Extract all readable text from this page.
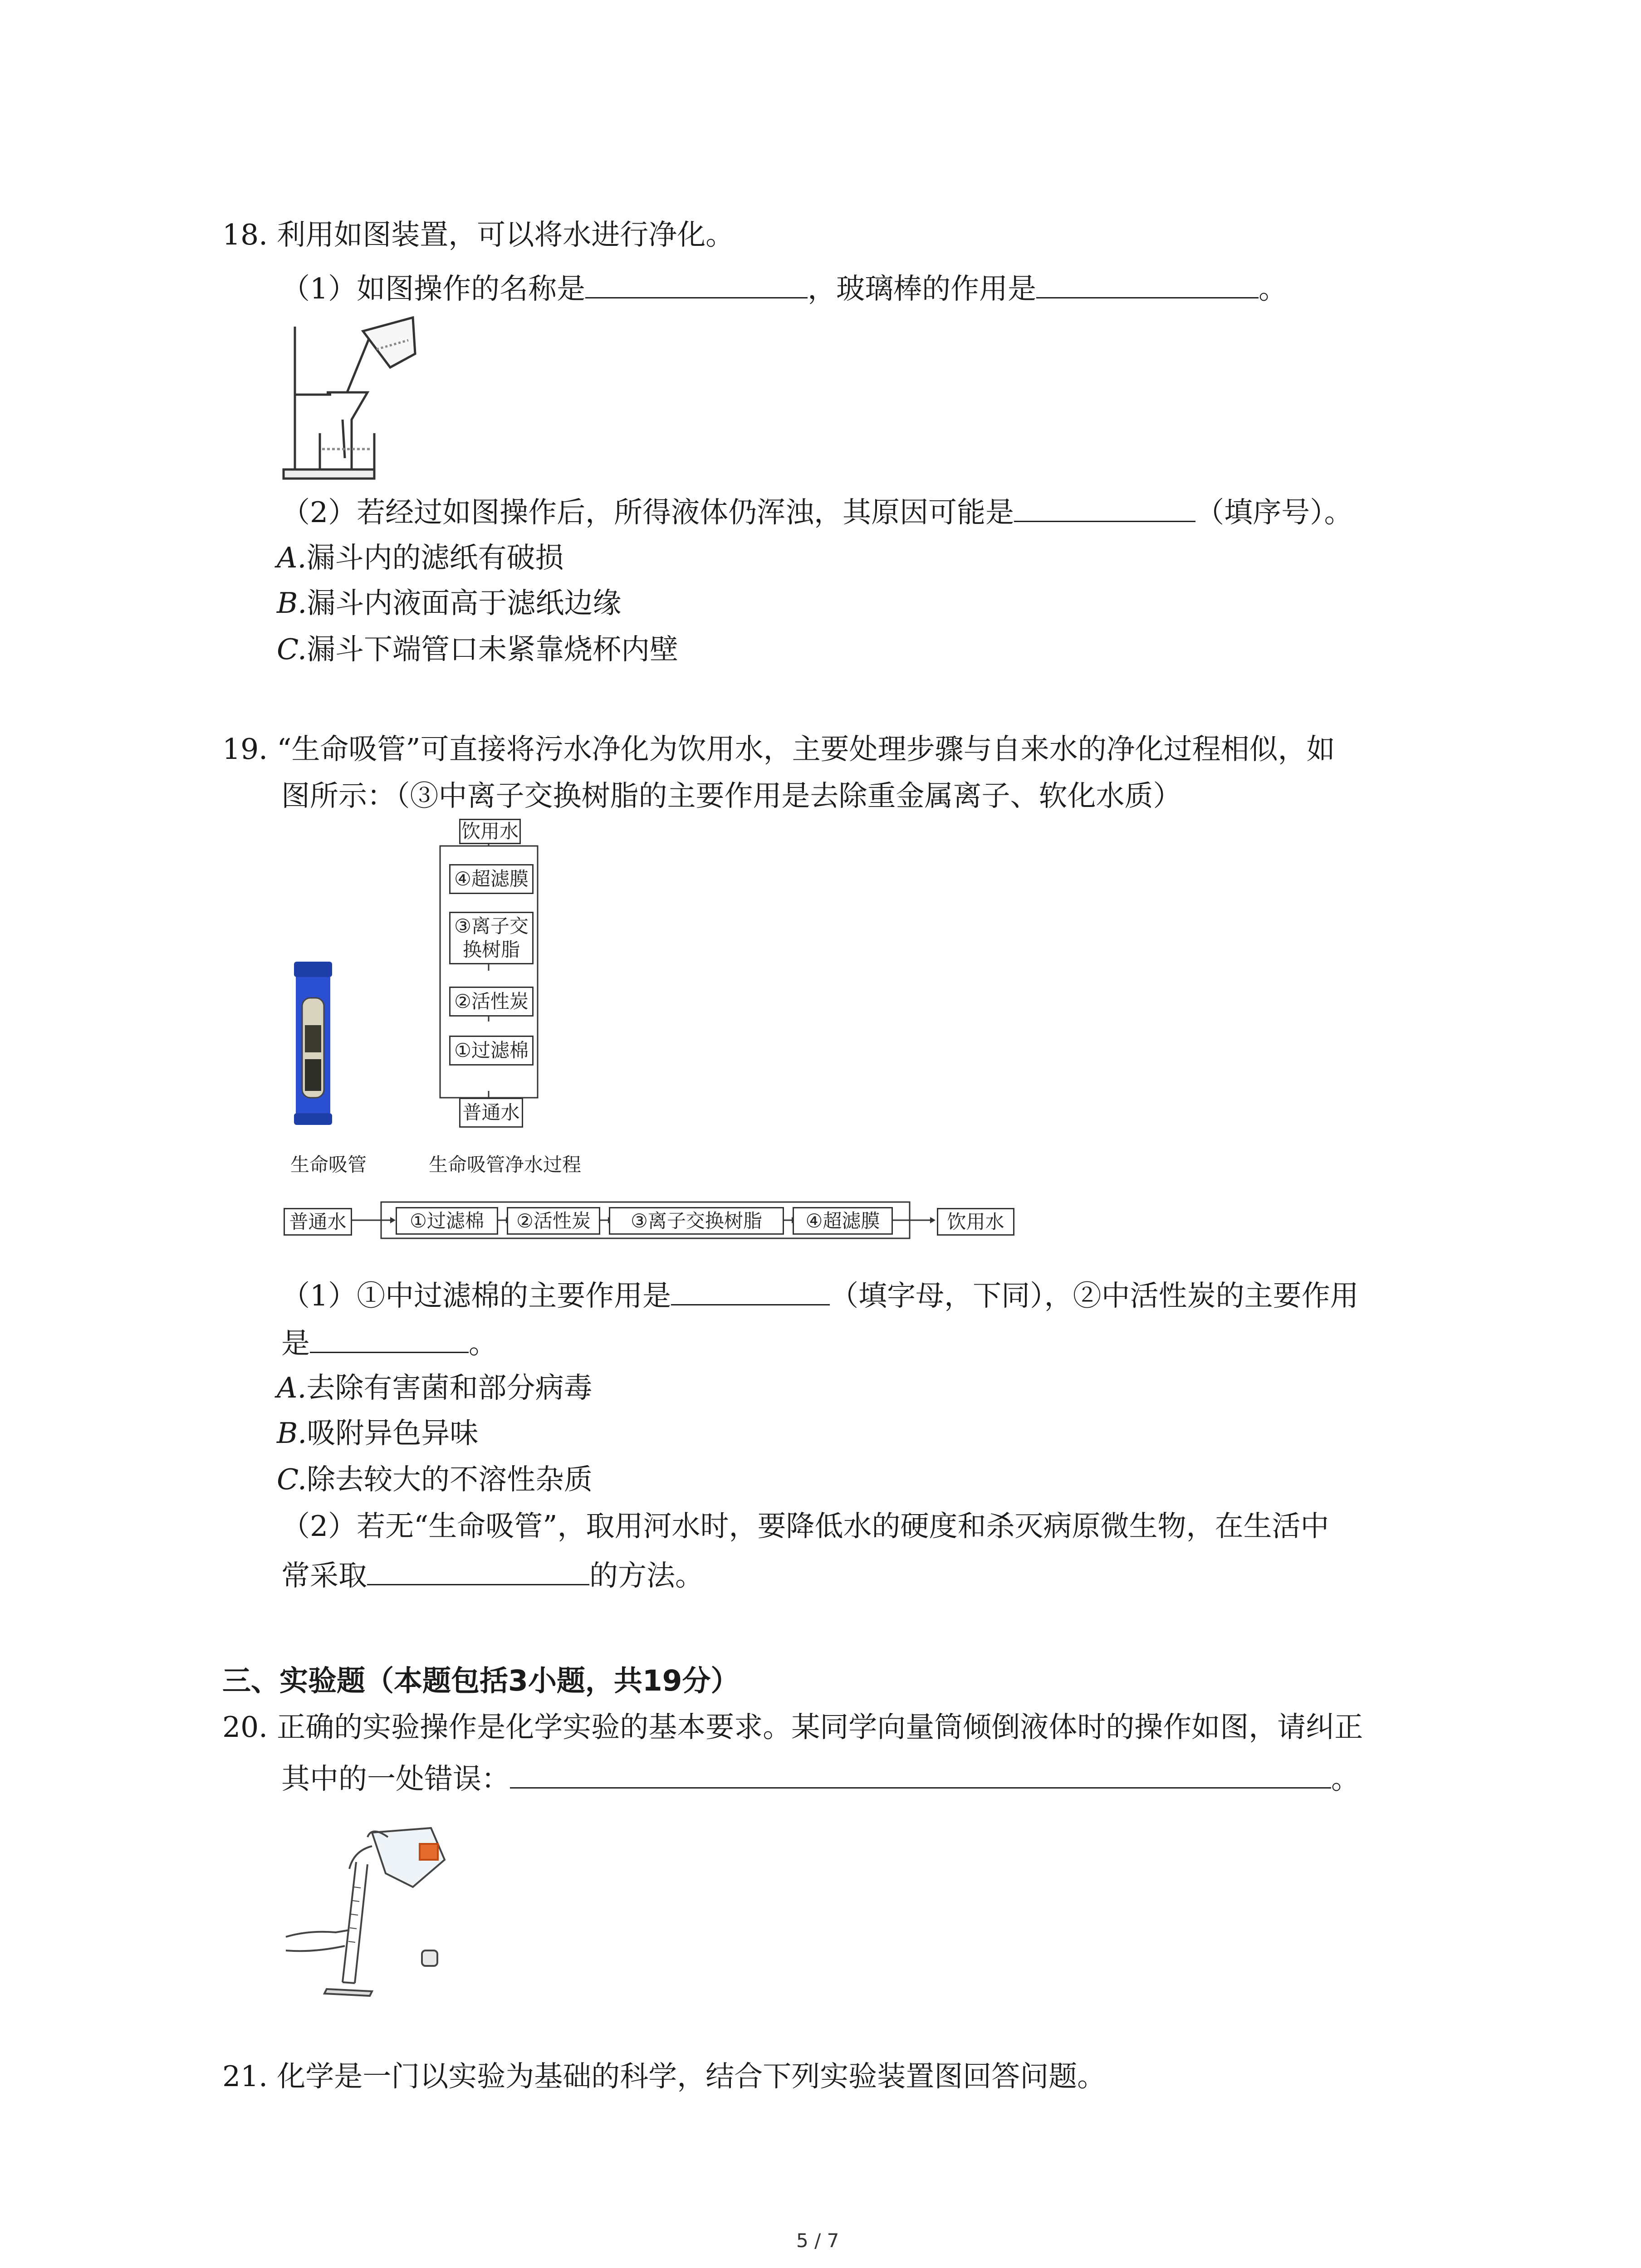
18. 利用如图装置，可以将水进行净化。
（1）如图操作的名称是	，玻璃棒的作用是	。
（2）若经过如图操作后，所得液体仍浑浊，其原因可能是	（填序号）。
A.漏斗内的滤纸有破损
B.漏斗内液面高于滤纸边缘
C.漏斗下端管口未紧靠烧杯内壁
19. “生命吸管”可直接将污水净化为饮用水，主要处理步骤与自来水的净化过程相似，如
图所示：（③中离子交换树脂的主要作用是去除重金属离子、软化水质）
生命吸管
饮用水
④超滤膜
③离子交换树脂
②活性炭
①过滤棉
普通水
生命吸管净水过程
普通水	①过滤棉	②活性炭	③离子交换树脂	④超滤膜	饮用水
（1）①中过滤棉的主要作用是	（填字母，下同），②中活性炭的主要作用
是	。
A.去除有害菌和部分病毒
B.吸附异色异味
C.除去较大的不溶性杂质
（2）若无“生命吸管”，取用河水时，要降低水的硬度和杀灭病原微生物，在生活中
常采取	的方法。
三、实验题（本题包括3小题，共19分）
20. 正确的实验操作是化学实验的基本要求。某同学向量筒倾倒液体时的操作如图，请纠正
其中的一处错误：	。
21. 化学是一门以实验为基础的科学，结合下列实验装置图回答问题。
5 / 7
